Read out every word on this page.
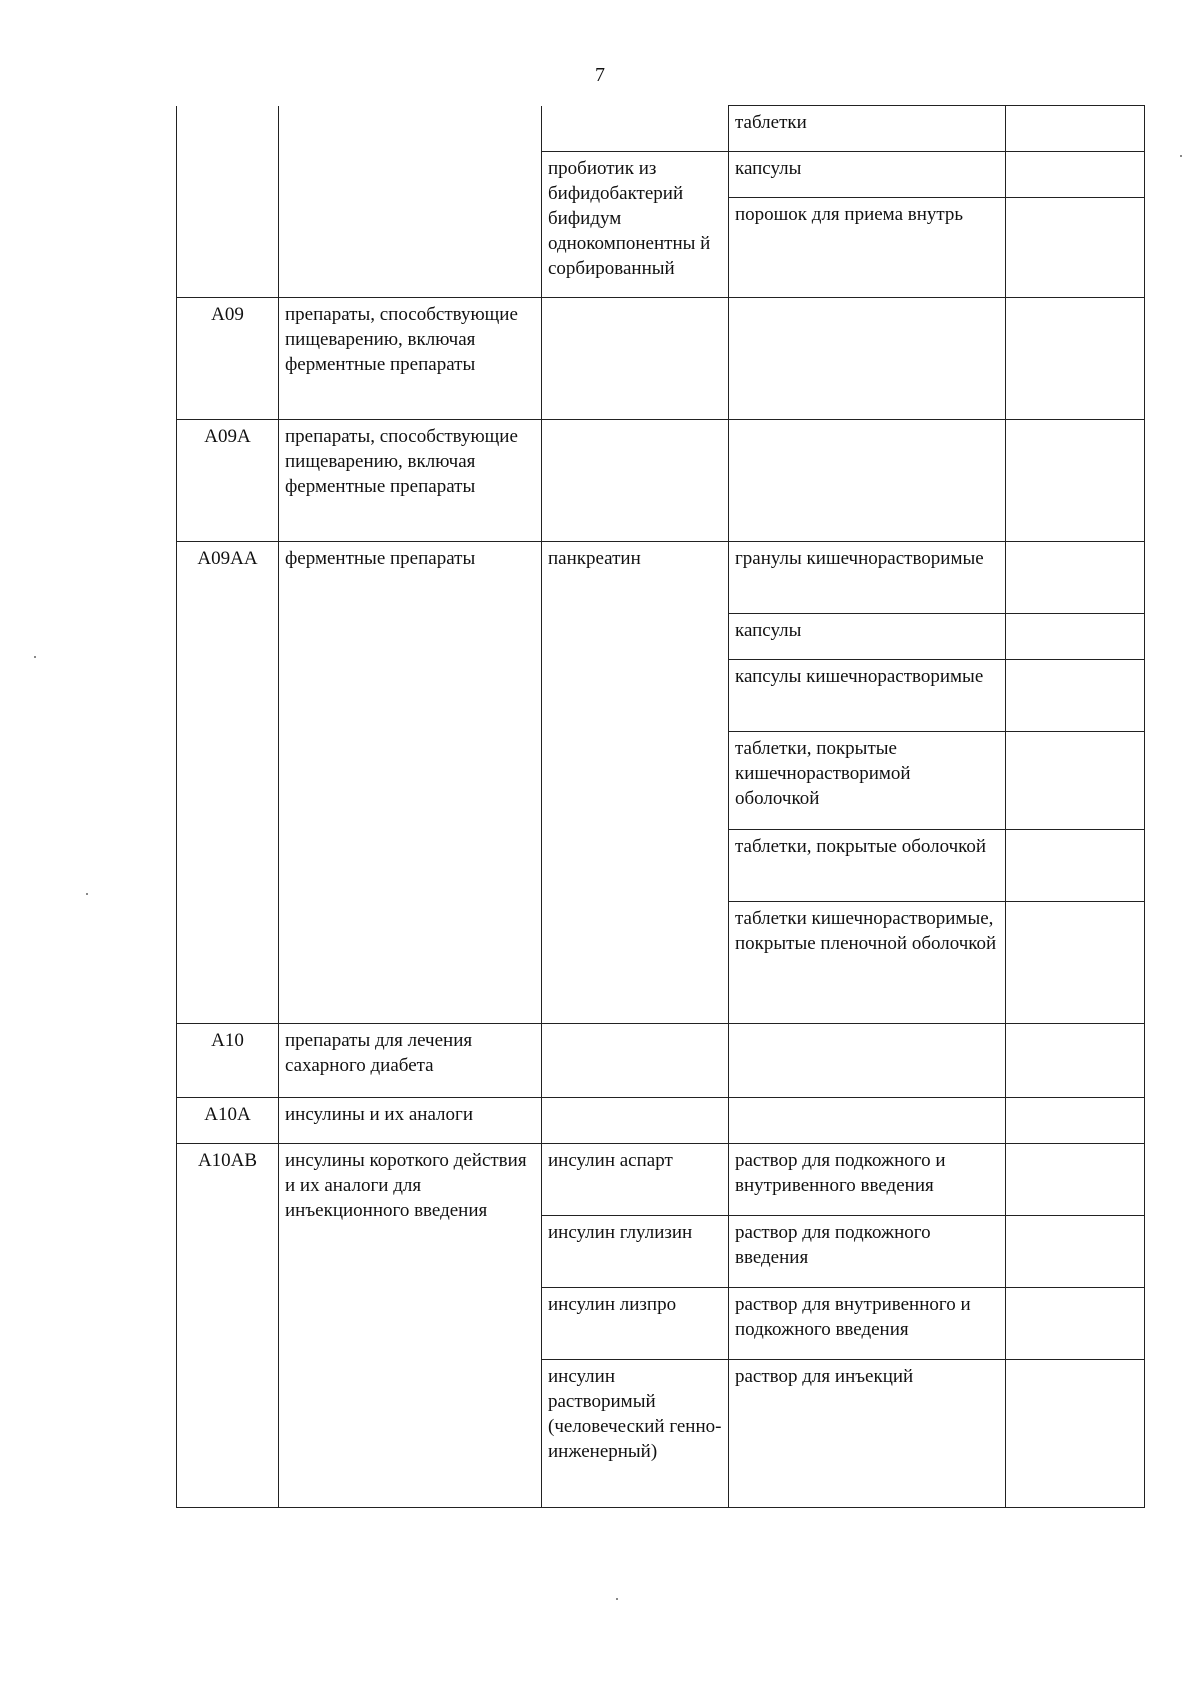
7
			таблетки	
		пробиотик из бифидобактерий бифидум однокомпонентны й сорбированный	капсулы	
			порошок для приема внутрь	
A09	препараты, способствующие пищеварению, включая ферментные препараты			
A09A	препараты, способствующие пищеварению, включая ферментные препараты			
A09AA	ферментные препараты	панкреатин	гранулы кишечнорастворимые	
			капсулы	
			капсулы кишечнорастворимые	
			таблетки, покрытые кишечнорастворимой оболочкой	
			таблетки, покрытые оболочкой	
			таблетки кишечнорастворимые, покрытые пленочной оболочкой	
A10	препараты для лечения сахарного диабета			
A10A	инсулины и их аналоги			
A10AB	инсулины короткого действия и их аналоги для инъекционного введения	инсулин аспарт	раствор для подкожного и внутривенного введения	
		инсулин глулизин	раствор для подкожного введения	
		инсулин лизпро	раствор для внутривенного и подкожного введения	
		инсулин растворимый (человеческий генно-инженерный)	раствор для инъекций	
